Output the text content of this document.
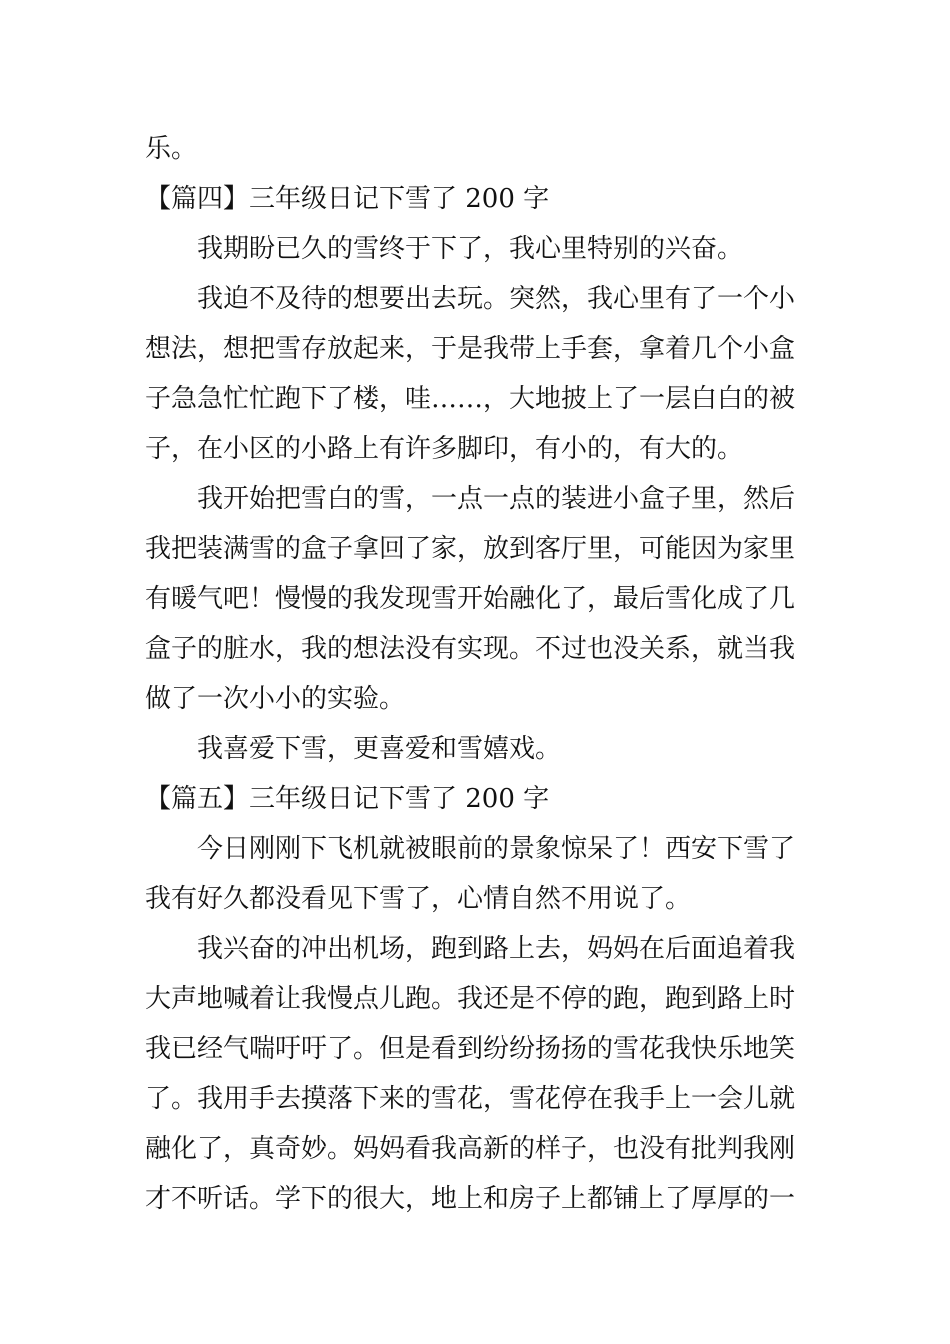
乐。
【篇四】三年级日记下雪了 200 字
我期盼已久的雪终于下了，我心里特别的兴奋。
我迫不及待的想要出去玩。突然，我心里有了一个小
想法，想把雪存放起来，于是我带上手套，拿着几个小盒
子急急忙忙跑下了楼，哇……，大地披上了一层白白的被
子，在小区的小路上有许多脚印，有小的，有大的。
我开始把雪白的雪，一点一点的装进小盒子里，然后
我把装满雪的盒子拿回了家，放到客厅里，可能因为家里
有暖气吧！慢慢的我发现雪开始融化了，最后雪化成了几
盒子的脏水，我的想法没有实现。不过也没关系，就当我
做了一次小小的实验。
我喜爱下雪，更喜爱和雪嬉戏。
【篇五】三年级日记下雪了 200 字
今日刚刚下飞机就被眼前的景象惊呆了！西安下雪了
我有好久都没看见下雪了，心情自然不用说了。
我兴奋的冲出机场，跑到路上去，妈妈在后面追着我
大声地喊着让我慢点儿跑。我还是不停的跑，跑到路上时
我已经气喘吁吁了。但是看到纷纷扬扬的雪花我快乐地笑
了。我用手去摸落下来的雪花，雪花停在我手上一会儿就
融化了，真奇妙。妈妈看我高新的样子，也没有批判我刚
才不听话。学下的很大，地上和房子上都铺上了厚厚的一
